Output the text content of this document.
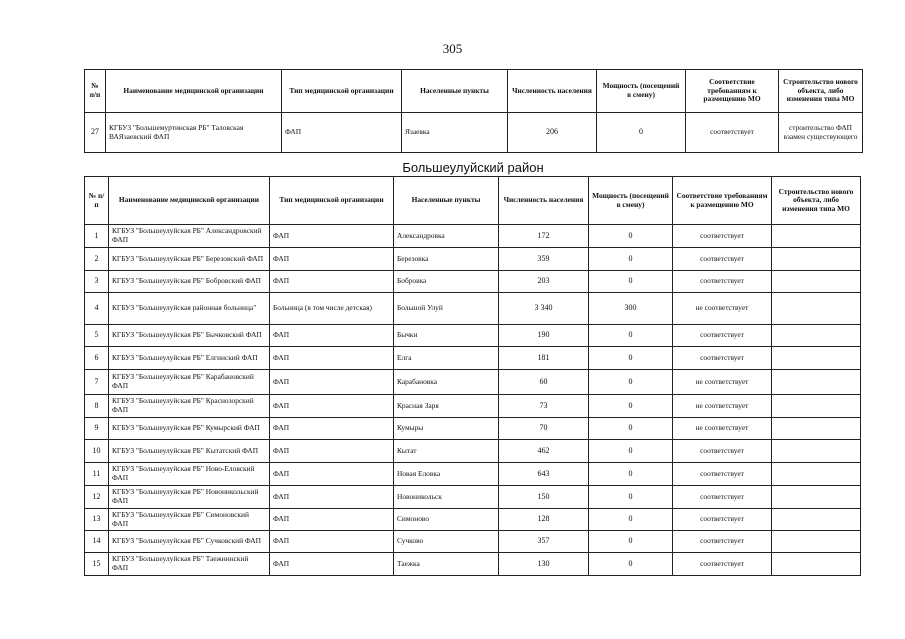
305
№ п/п	Наименование медицинской организации	Тип медицинской организации	Населенные пункты	Численность населения	Мощность (посещений в смену)	Соответствие требованиям к размещению МО	Строительство нового объекта, либо изменения типа МО
27	КГБУЗ "Большемуртинская РБ" Таловская ВАЯзаевский ФАП	ФАП	Язаевка	206	0	соответствует	строительство ФАП взамен существующего
Большеулуйский район
№ п/п	Наименование медицинской организации	Тип медицинской организации	Населенные пункты	Численность населения	Мощность (посещений в смену)	Соответствие требованиям к размещению МО	Строительство нового объекта, либо изменения типа МО
1	КГБУЗ "Большеулуйская РБ" Александровский ФАП	ФАП	Александровка	172	0	соответствует	
2	КГБУЗ "Большеулуйская РБ" Березовский ФАП	ФАП	Березовка	359	0	соответствует	
3	КГБУЗ "Большеулуйская РБ" Бобровский ФАП	ФАП	Бобровка	203	0	соответствует	
4	КГБУЗ "Большеулуйская районная больница"	Больница (в том числе детская)	Большой Улуй	3 340	300	не соответствует	
5	КГБУЗ "Большеулуйская РБ" Бычковский ФАП	ФАП	Бычки	190	0	соответствует	
6	КГБУЗ "Большеулуйская РБ" Елгинский ФАП	ФАП	Елга	181	0	соответствует	
7	КГБУЗ "Большеулуйская РБ" Карабановский ФАП	ФАП	Карабановка	60	0	не соответствует	
8	КГБУЗ "Большеулуйская РБ" Краснозорский ФАП	ФАП	Красная Заря	73	0	не соответствует	
9	КГБУЗ "Большеулуйская РБ" Кумырский ФАП	ФАП	Кумыры	70	0	не соответствует	
10	КГБУЗ "Большеулуйская РБ" Кытатский ФАП	ФАП	Кытат	462	0	соответствует	
11	КГБУЗ "Большеулуйская РБ" Ново-Еловский ФАП	ФАП	Новая Еловка	643	0	соответствует	
12	КГБУЗ "Большеулуйская РБ" Новоникольский ФАП	ФАП	Новоникольск	150	0	соответствует	
13	КГБУЗ "Большеулуйская РБ" Симоновский ФАП	ФАП	Симоново	128	0	соответствует	
14	КГБУЗ "Большеулуйская РБ" Сучковский ФАП	ФАП	Сучково	357	0	соответствует	
15	КГБУЗ "Большеулуйская РБ" Таежнинский ФАП	ФАП	Таежка	130	0	соответствует	
